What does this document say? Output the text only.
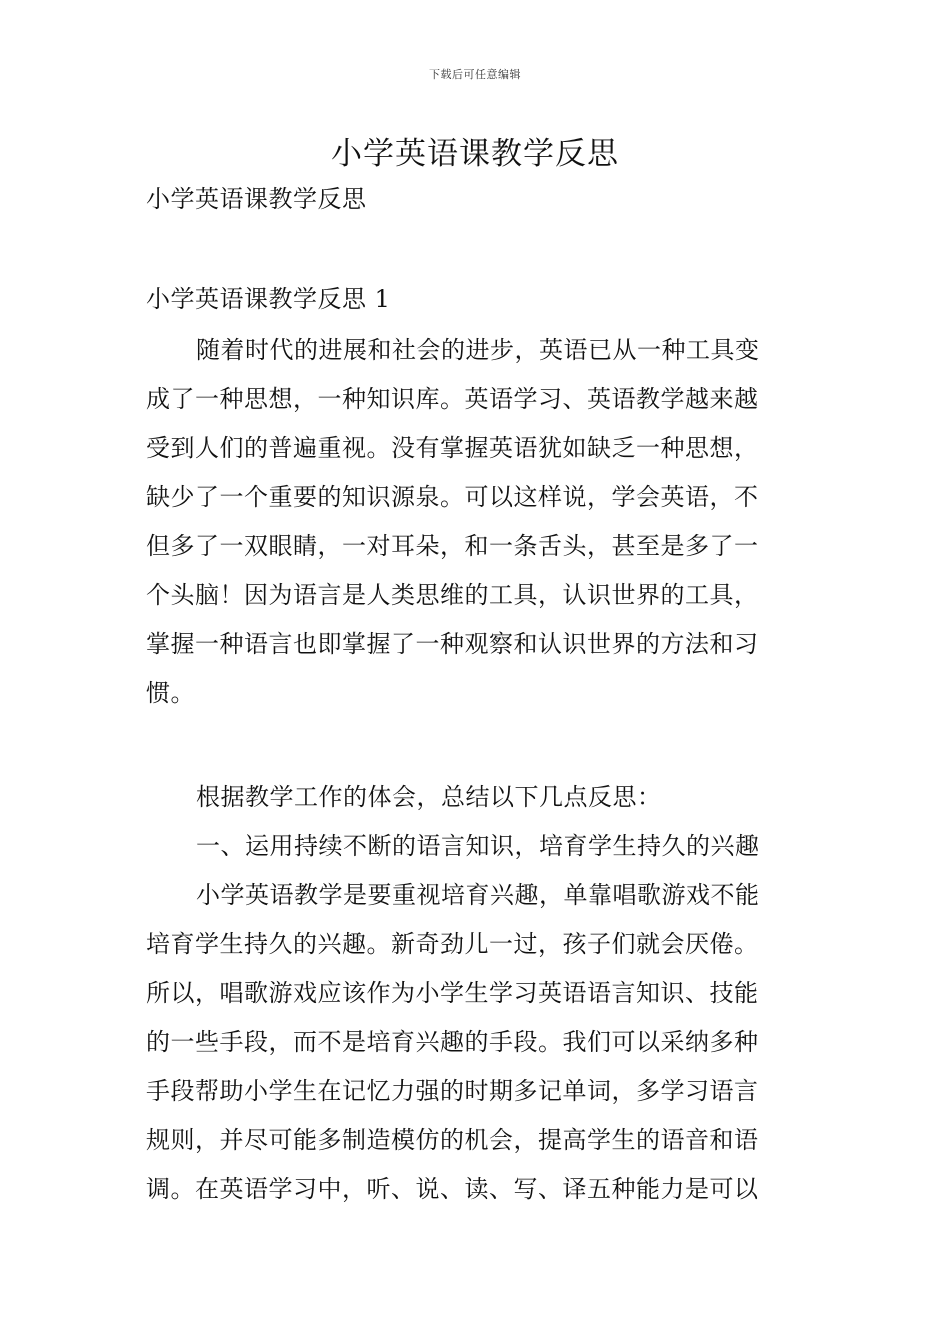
下载后可任意编辑
小学英语课教学反思
小学英语课教学反思
小学英语课教学反思 1
随着时代的进展和社会的进步，英语已从一种工具变
成了一种思想，一种知识库。英语学习、英语教学越来越
受到人们的普遍重视。没有掌握英语犹如缺乏一种思想，
缺少了一个重要的知识源泉。可以这样说，学会英语，不
但多了一双眼睛，一对耳朵，和一条舌头，甚至是多了一
个头脑！因为语言是人类思维的工具，认识世界的工具，
掌握一种语言也即掌握了一种观察和认识世界的方法和习
惯。
根据教学工作的体会，总结以下几点反思：
一、运用持续不断的语言知识，培育学生持久的兴趣
小学英语教学是要重视培育兴趣，单靠唱歌游戏不能
培育学生持久的兴趣。新奇劲儿一过，孩子们就会厌倦。
所以，唱歌游戏应该作为小学生学习英语语言知识、技能
的一些手段，而不是培育兴趣的手段。我们可以采纳多种
手段帮助小学生在记忆力强的时期多记单词，多学习语言
规则，并尽可能多制造模仿的机会，提高学生的语音和语
调。在英语学习中，听、说、读、写、译五种能力是可以
